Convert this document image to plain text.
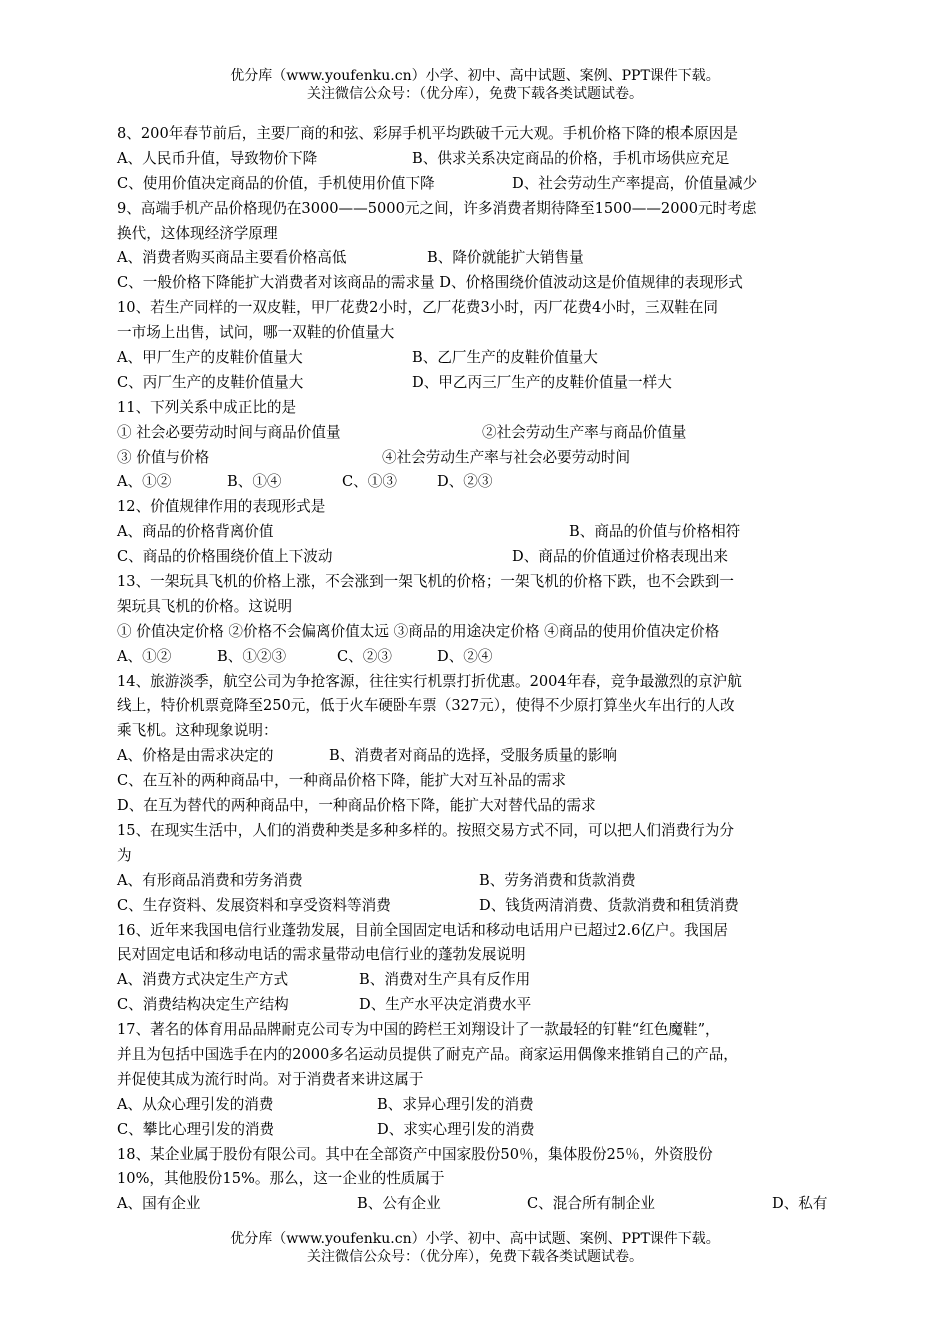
优分库（www.youfenku.cn）小学、初中、高中试题、案例、PPT课件下载。
关注微信公众号：（优分库），免费下载各类试题试卷。
8、200年春节前后，主要厂商的和弦、彩屏手机平均跌破千元大观。手机价格下降的根本 • •原因是
A、人民币升值，导致物价下降	B、供求关系决定商品的价格，手机市场供应充足
C、使用价值决定商品的价值，手机使用价值下降	D、社会劳动生产率提高，价值量减少
9、高端手机产品价格现仍在3000——5000元之间，许多消费者期待降至1500——2000元时考虑
换代，这体现经济学原理
A、消费者购买商品主要看价格高低	B、降价就能扩大销售量
C、一般价格下降能扩大消费者对该商品的需求量 D、价格围绕价值波动这是价值规律的表现形式
10、若生产同样的一双皮鞋，甲厂花费2小时，乙厂花费3小时，丙厂花费4小时，三双鞋在同
一市场上出售，试问，哪一双鞋的价值量大
A、甲厂生产的皮鞋价值量大	B、乙厂生产的皮鞋价值量大
C、丙厂生产的皮鞋价值量大	D、甲乙丙三厂生产的皮鞋价值量一样大
11、下列关系中成正比的是
① 社会必要劳动时间与商品价值量	②社会劳动生产率与商品价值量
③ 价值与价格	④社会劳动生产率与社会必要劳动时间
A、①②	B、①④	C、①③	D、②③
12、价值规律作用的表现形式是
A、商品的价格背离价值	B、商品的价值与价格相符
C、商品的价格围绕价值上下波动	D、商品的价值通过价格表现出来
13、一架玩具飞机的价格上涨，不会涨到一架飞机的价格；一架飞机的价格下跌，也不会跌到一
架玩具飞机的价格。这说明
① 价值决定价格 ②价格不会偏离价值太远 ③商品的用途决定价格 ④商品的使用价值决定价格
A、①②	B、①②③	C、②③	D、②④
14、旅游淡季，航空公司为争抢客源，往往实行机票打折优惠。2004年春，竞争最激烈的京沪航
线上，特价机票竟降至250元，低于火车硬卧车票（327元），使得不少原打算坐火车出行的人改
乘飞机。这种现象说明：
A、价格是由需求决定的	B、消费者对商品的选择，受服务质量的影响
C、在互补的两种商品中，一种商品价格下降，能扩大对互补品的需求
D、在互为替代的两种商品中，一种商品价格下降，能扩大对替代品的需求
15、在现实生活中，人们的消费种类是多种多样的。按照交易方式不同，可以把人们消费行为分
为
A、有形商品消费和劳务消费	B、劳务消费和货款消费
C、生存资料、发展资料和享受资料等消费	D、钱货两清消费、货款消费和租赁消费
16、近年来我国电信行业蓬勃发展，目前全国固定电话和移动电话用户已超过2.6亿户。我国居
民对固定电话和移动电话的需求量带动电信行业的蓬勃发展说明
A、消费方式决定生产方式	B、消费对生产具有反作用
C、消费结构决定生产结构	D、生产水平决定消费水平
17、著名的体育用品品牌耐克公司专为中国的跨栏王刘翔设计了一款最轻的钉鞋“红色魔鞋”，
并且为包括中国选手在内的2000多名运动员提供了耐克产品。商家运用偶像来推销自己的产品，
并促使其成为流行时尚。对于消费者来讲这属于
A、从众心理引发的消费	B、求异心理引发的消费
C、攀比心理引发的消费	D、求实心理引发的消费
18、某企业属于股份有限公司。其中在全部资产中国家股份50％，集体股份25％，外资股份
10%，其他股份15%。那么，这一企业的性质属于
A、国有企业	B、公有企业	C、混合所有制企业	D、私有
优分库（www.youfenku.cn）小学、初中、高中试题、案例、PPT课件下载。
关注微信公众号：（优分库），免费下载各类试题试卷。
